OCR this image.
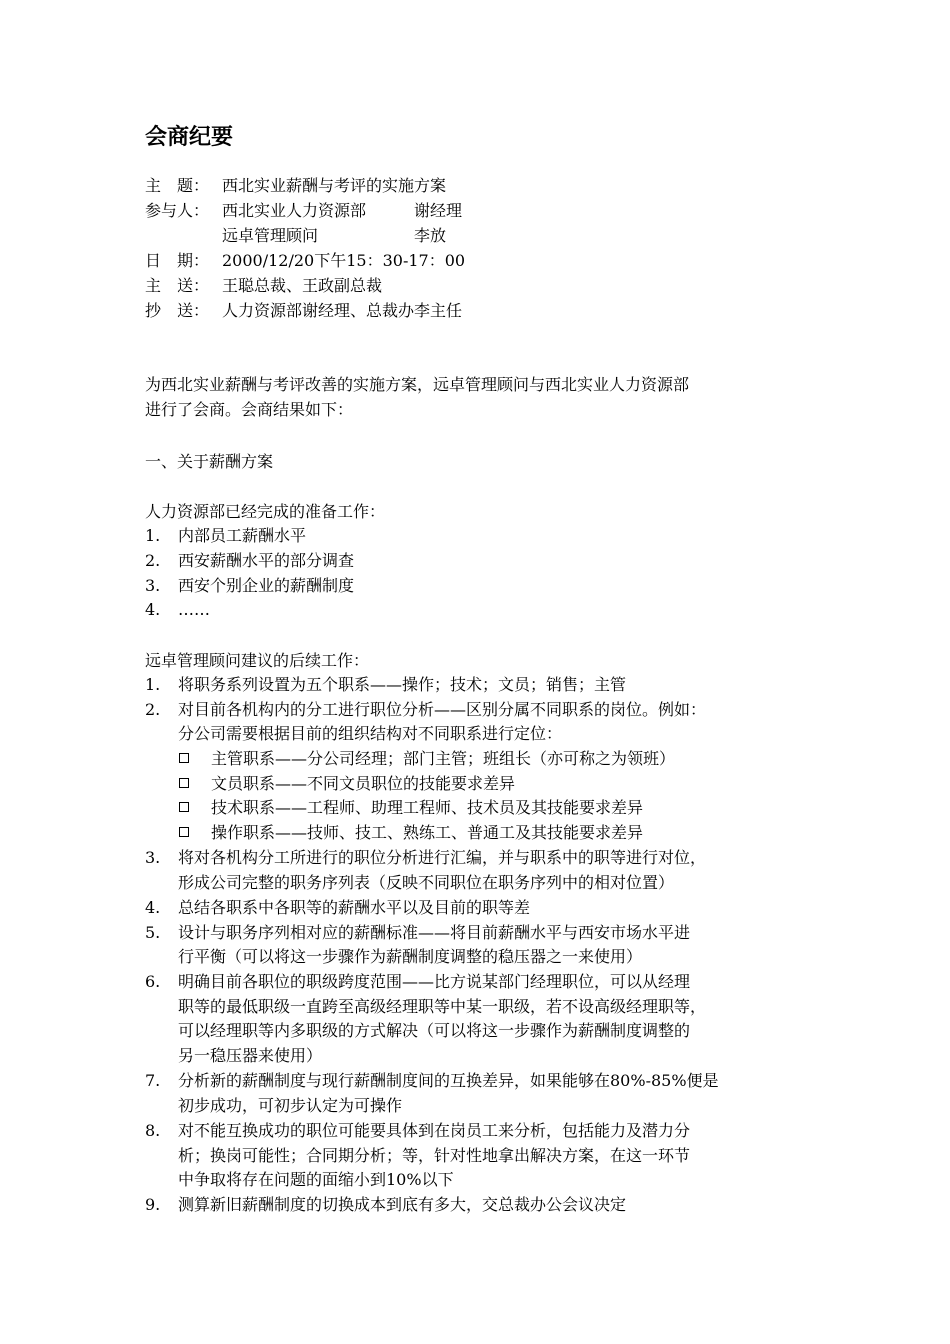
会商纪要
主　题： 西北实业薪酬与考评的实施方案
参与人： 西北实业人力资源部	谢经理
远卓管理顾问	李放
日　期： 2000/12/20下午15：30-17：00
主　送： 王聪总裁、王政副总裁
抄　送： 人力资源部谢经理、总裁办李主任
为西北实业薪酬与考评改善的实施方案，远卓管理顾问与西北实业人力资源部
进行了会商。会商结果如下：
一、关于薪酬方案
人力资源部已经完成的准备工作：
1. 内部员工薪酬水平
2. 西安薪酬水平的部分调查
3. 西安个别企业的薪酬制度
4. ……
远卓管理顾问建议的后续工作：
1. 将职务系列设置为五个职系——操作；技术；文员；销售；主管
2. 对目前各机构内的分工进行职位分析——区别分属不同职系的岗位。例如：
分公司需要根据目前的组织结构对不同职系进行定位：
主管职系——分公司经理；部门主管；班组长（亦可称之为领班）
文员职系——不同文员职位的技能要求差异
技术职系——工程师、助理工程师、技术员及其技能要求差异
操作职系——技师、技工、熟练工、普通工及其技能要求差异
3. 将对各机构分工所进行的职位分析进行汇编，并与职系中的职等进行对位，
形成公司完整的职务序列表（反映不同职位在职务序列中的相对位置）
4. 总结各职系中各职等的薪酬水平以及目前的职等差
5. 设计与职务序列相对应的薪酬标准——将目前薪酬水平与西安市场水平进
行平衡（可以将这一步骤作为薪酬制度调整的稳压器之一来使用）
6. 明确目前各职位的职级跨度范围——比方说某部门经理职位，可以从经理
职等的最低职级一直跨至高级经理职等中某一职级，若不设高级经理职等，
可以经理职等内多职级的方式解决（可以将这一步骤作为薪酬制度调整的
另一稳压器来使用）
7. 分析新的薪酬制度与现行薪酬制度间的互换差异，如果能够在80%-85%便是
初步成功，可初步认定为可操作
8. 对不能互换成功的职位可能要具体到在岗员工来分析，包括能力及潜力分
析；换岗可能性；合同期分析；等，针对性地拿出解决方案，在这一环节
中争取将存在问题的面缩小到10%以下
9. 测算新旧薪酬制度的切换成本到底有多大，交总裁办公会议决定
